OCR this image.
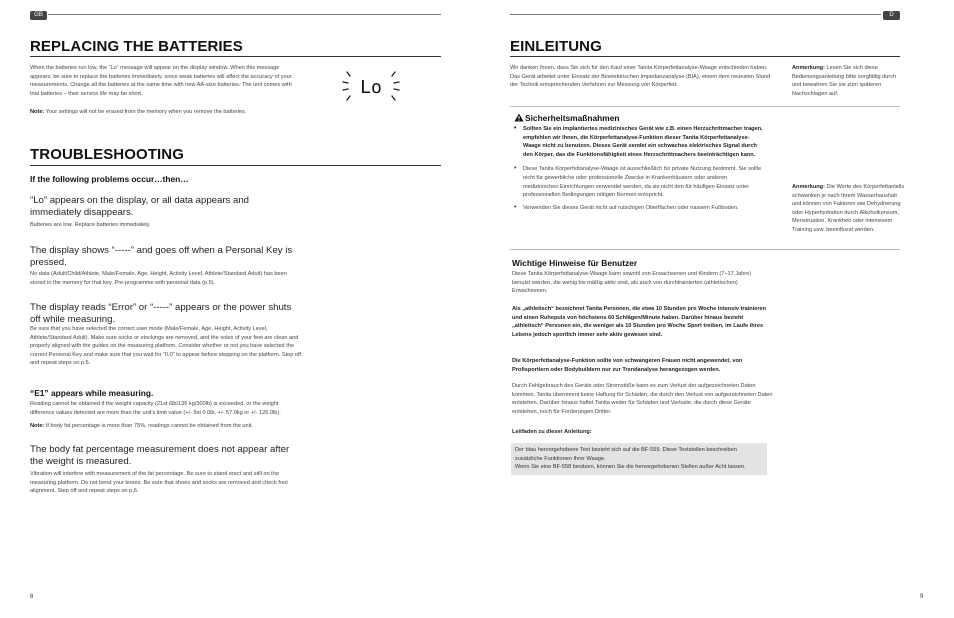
GB
REPLACING THE BATTERIES

When the batteries run low, the “Lo” message will appear on the display window. When this message appears, be sure to replace the batteries immediately, since weak batteries will affect the accuracy of your measurements. Change all the batteries at the same time with new AA-size batteries. The unit comes with trial batteries – their service life may be short.

Note: Your settings will not be erased from the memory when you remove the batteries.

Lo
TROUBLESHOOTING
If the following problems occur…then…

“Lo” appears on the display, or all data appears and immediately disappears.

Batteries are low. Replace batteries immediately.

The display shows “-----” and goes off when a Personal Key is pressed.

No data (Adult/Child/Athlete, Male/Female, Age, Height, Activity Level, Athlete/Standard Adult) has been stored in the memory for that key. Pre-programme with personal data (p.5).

The display reads “Error” or “-----” appears or the power shuts off while measuring.

Be sure that you have selected the correct user mode (Male/Female, Age, Height, Activity Level, Athlete/Standard Adult). Make sure socks or stockings are removed, and the soles of your feet are clean and properly aligned with the guides on the measuring platform. Consider whether or not you have selected the correct Personal Key and make sure that you wait for “0.0” to appear before stepping on the platform. Step off and repeat steps on p.6.

“E1” appears while measuring.

Reading cannot be obtained if the weight capacity (21st 6lb/136 kg/300lb) is exceeded, or the weight difference values detected are more than the unit's limit value (+/- 9st 0.0lb, +/- 57.0kg or +/- 126.0lb).

Note: If body fat percentage is more than 75%, readings cannot be obtained from the unit.

The body fat percentage measurement does not appear after the weight is measured.

Vibration will interfere with measurement of the fat percentage. Be sure to stand erect and still on the measuring platform. Do not bend your knees. Be sure that shoes and socks are removed and check foot alignment. Step off and repeat steps on p.6.

8
D
EINLEITUNG

Wir danken Ihnen, dass Sie sich für den Kauf einer Tanita Körperfettanalyse-Waage entschieden haben. Das Gerät arbeitet unter Einsatz der Bioelektrischen Impedanzanalyse (BIA), einem dem neuesten Stand der Technik entsprechenden Verfahren zur Messung von Körperfett.

Anmerkung: Lesen Sie sich diese Bedienungsanleitung bitte sorgfältig durch und bewahren Sie sie zum späteren Nachschlagen auf.

Sicherheitsmaßnahmen
• Sollten Sie ein implantiertes medizinisches Gerät wie z.B. einen Herzschrittmacher tragen, empfehlen wir Ihnen, die Körperfettanalyse-Funktion dieser Tanita Körperfettanalyse-Waage nicht zu benutzen. Dieses Gerät sendet ein schwaches elektrisches Signal durch den Körper, das die Funktionsfähigkeit eines Herzschrittmachers beeinträchtigen kann.
• Diese Tanita Körperfettanalyse-Waage ist ausschließlich für private Nutzung bestimmt. Sie sollte nicht für gewerbliche oder professionelle Zwecke in Krankenhäusern oder anderen medizinischen Einrichtungen verwendet werden, da sie nicht den für häufigen Einsatz unter professionellen Bedingungen nötigen Normen entspricht.
• Verwenden Sie dieses Gerät nicht auf rutschigen Oberflächen oder nassem Fußboden.

Anmerkung: Die Werte des Körperfettanteils schwanken je nach Ihrem Wasserhaushalt und können von Faktoren wie Dehydrierung oder Hyperhydration durch Alkoholkonsum, Menstruation, Krankheit oder intensivem Training usw. beeinflusst werden.

Wichtige Hinweise für Benutzer

Diese Tanita Körperfettanalyse-Waage kann sowohl von Erwachsenen und Kindern (7–17 Jahre) benutzt werden, die wenig bis mäßig aktiv sind, als auch von durchtrainierten (athletischen) Erwachsenen.

Als „athletisch“ bezeichnet Tanita Personen, die etwa 10 Stunden pro Woche intensiv trainieren und einen Ruhepuls von höchstens 60 Schlägen/Minute haben. Darüber hinaus bezieht „athletisch“ Personen ein, die weniger als 10 Stunden pro Woche Sport treiben, im Laufe ihres Lebens jedoch sportlich immer sehr aktiv gewesen sind.

Die Körperfettanalyse-Funktion sollte von schwangeren Frauen nicht angewendet, von Profisportlern oder Bodybuildern nur zur Trendanalyse herangezogen werden.

Durch Fehlgebrauch des Geräts oder Stromstöße kann es zum Verlust der aufgezeichneten Daten kommen. Tanita übernimmt keine Haftung für Schäden, die durch den Verlust von aufgezeichneten Daten entstehen. Darüber hinaus haftet Tanita weder für Schäden und Verluste, die durch diese Geräte entstehen, noch für Forderungen Dritter.

Leitfaden zu dieser Anleitung:
Der blau hervorgehobene Text bezieht sich auf die BF-559. Diese Textstellen beschreiben zusätzliche Funktionen Ihrer Waage.
Wenn Sie eine BF-558 besitzen, können Sie die hervorgehobenen Stellen außer Acht lassen.
9
